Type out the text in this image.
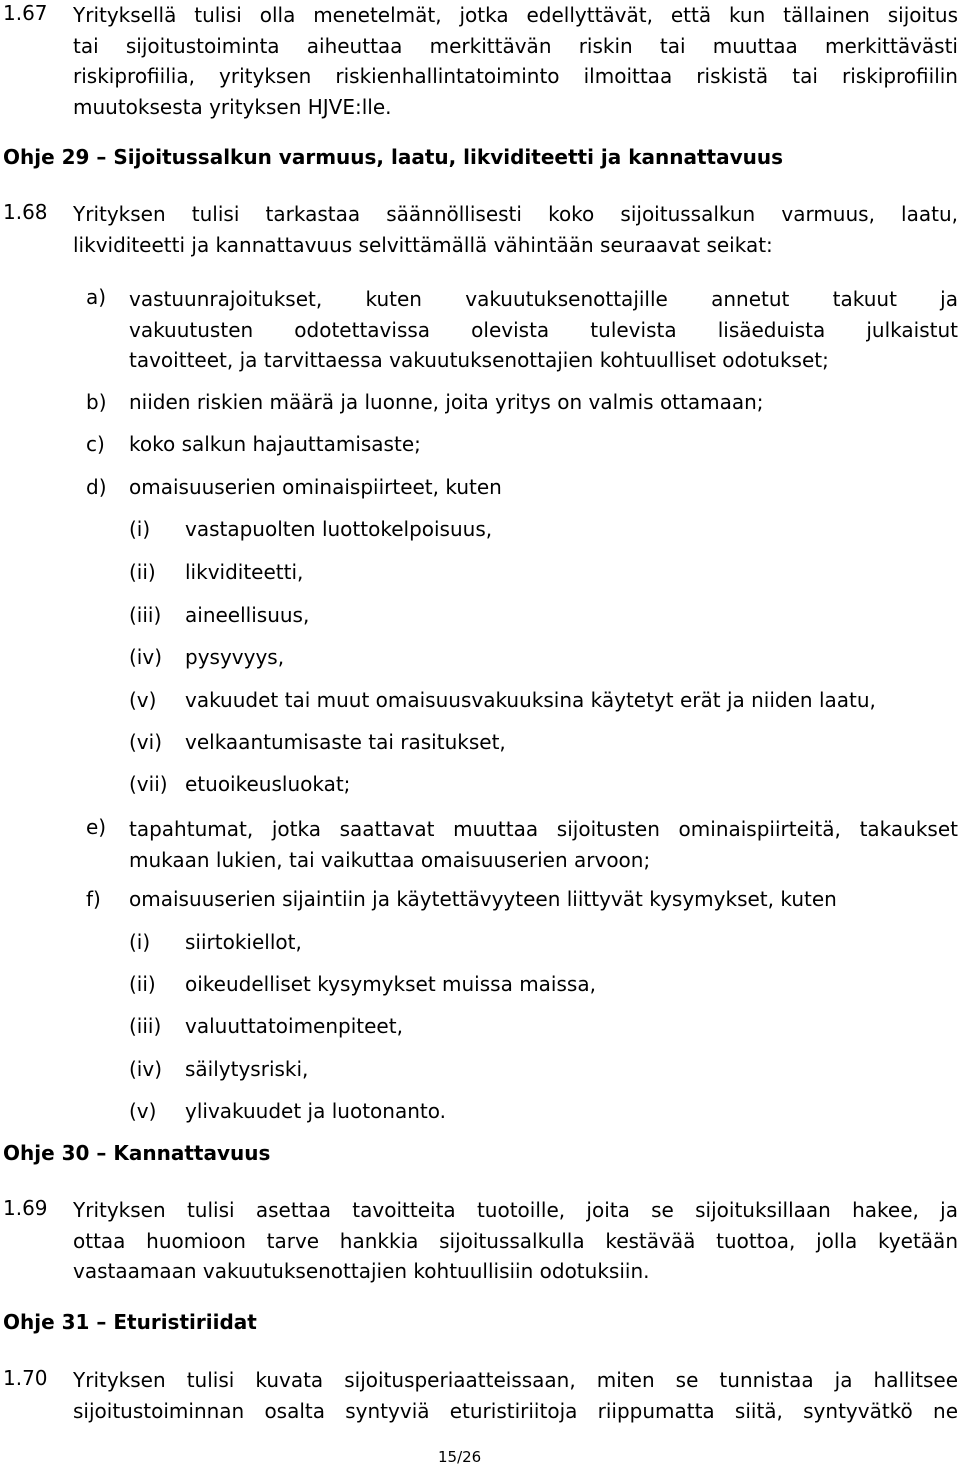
1.67 Yrityksellä tulisi olla menetelmät, jotka edellyttävät, että kun tällainen sijoitus
tai sijoitustoiminta aiheuttaa merkittävän riskin tai muuttaa merkittävästi
riskiprofiilia, yrityksen riskienhallintatoiminto ilmoittaa riskistä tai riskiprofiilin
muutoksesta yrityksen HJVE:lle.
Ohje 29 – Sijoitussalkun varmuus, laatu, likviditeetti ja kannattavuus
1.68 Yrityksen tulisi tarkastaa säännöllisesti koko sijoitussalkun varmuus, laatu,
likviditeetti ja kannattavuus selvittämällä vähintään seuraavat seikat:
a) vastuunrajoitukset, kuten vakuutuksenottajille annetut takuut ja
vakuutusten odotettavissa olevista tulevista lisäeduista julkaistut
tavoitteet, ja tarvittaessa vakuutuksenottajien kohtuulliset odotukset;
b) niiden riskien määrä ja luonne, joita yritys on valmis ottamaan;
c) koko salkun hajauttamisaste;
d) omaisuuserien ominaispiirteet, kuten
(i) vastapuolten luottokelpoisuus,
(ii) likviditeetti,
(iii) aineellisuus,
(iv) pysyvyys,
(v) vakuudet tai muut omaisuusvakuuksina käytetyt erät ja niiden laatu,
(vi) velkaantumisaste tai rasitukset,
(vii) etuoikeusluokat;
e) tapahtumat, jotka saattavat muuttaa sijoitusten ominaispiirteitä, takaukset
mukaan lukien, tai vaikuttaa omaisuuserien arvoon;
f) omaisuuserien sijaintiin ja käytettävyyteen liittyvät kysymykset, kuten
(i) siirtokiellot,
(ii) oikeudelliset kysymykset muissa maissa,
(iii) valuuttatoimenpiteet,
(iv) säilytysriski,
(v) ylivakuudet ja luotonanto.
Ohje 30 – Kannattavuus
1.69 Yrityksen tulisi asettaa tavoitteita tuotoille, joita se sijoituksillaan hakee, ja
ottaa huomioon tarve hankkia sijoitussalkulla kestävää tuottoa, jolla kyetään
vastaamaan vakuutuksenottajien kohtuullisiin odotuksiin.
Ohje 31 – Eturistiriidat
1.70 Yrityksen tulisi kuvata sijoitusperiaatteissaan, miten se tunnistaa ja hallitsee
sijoitustoiminnan osalta syntyviä eturistiriitoja riippumatta siitä, syntyvätkö ne
15/26
